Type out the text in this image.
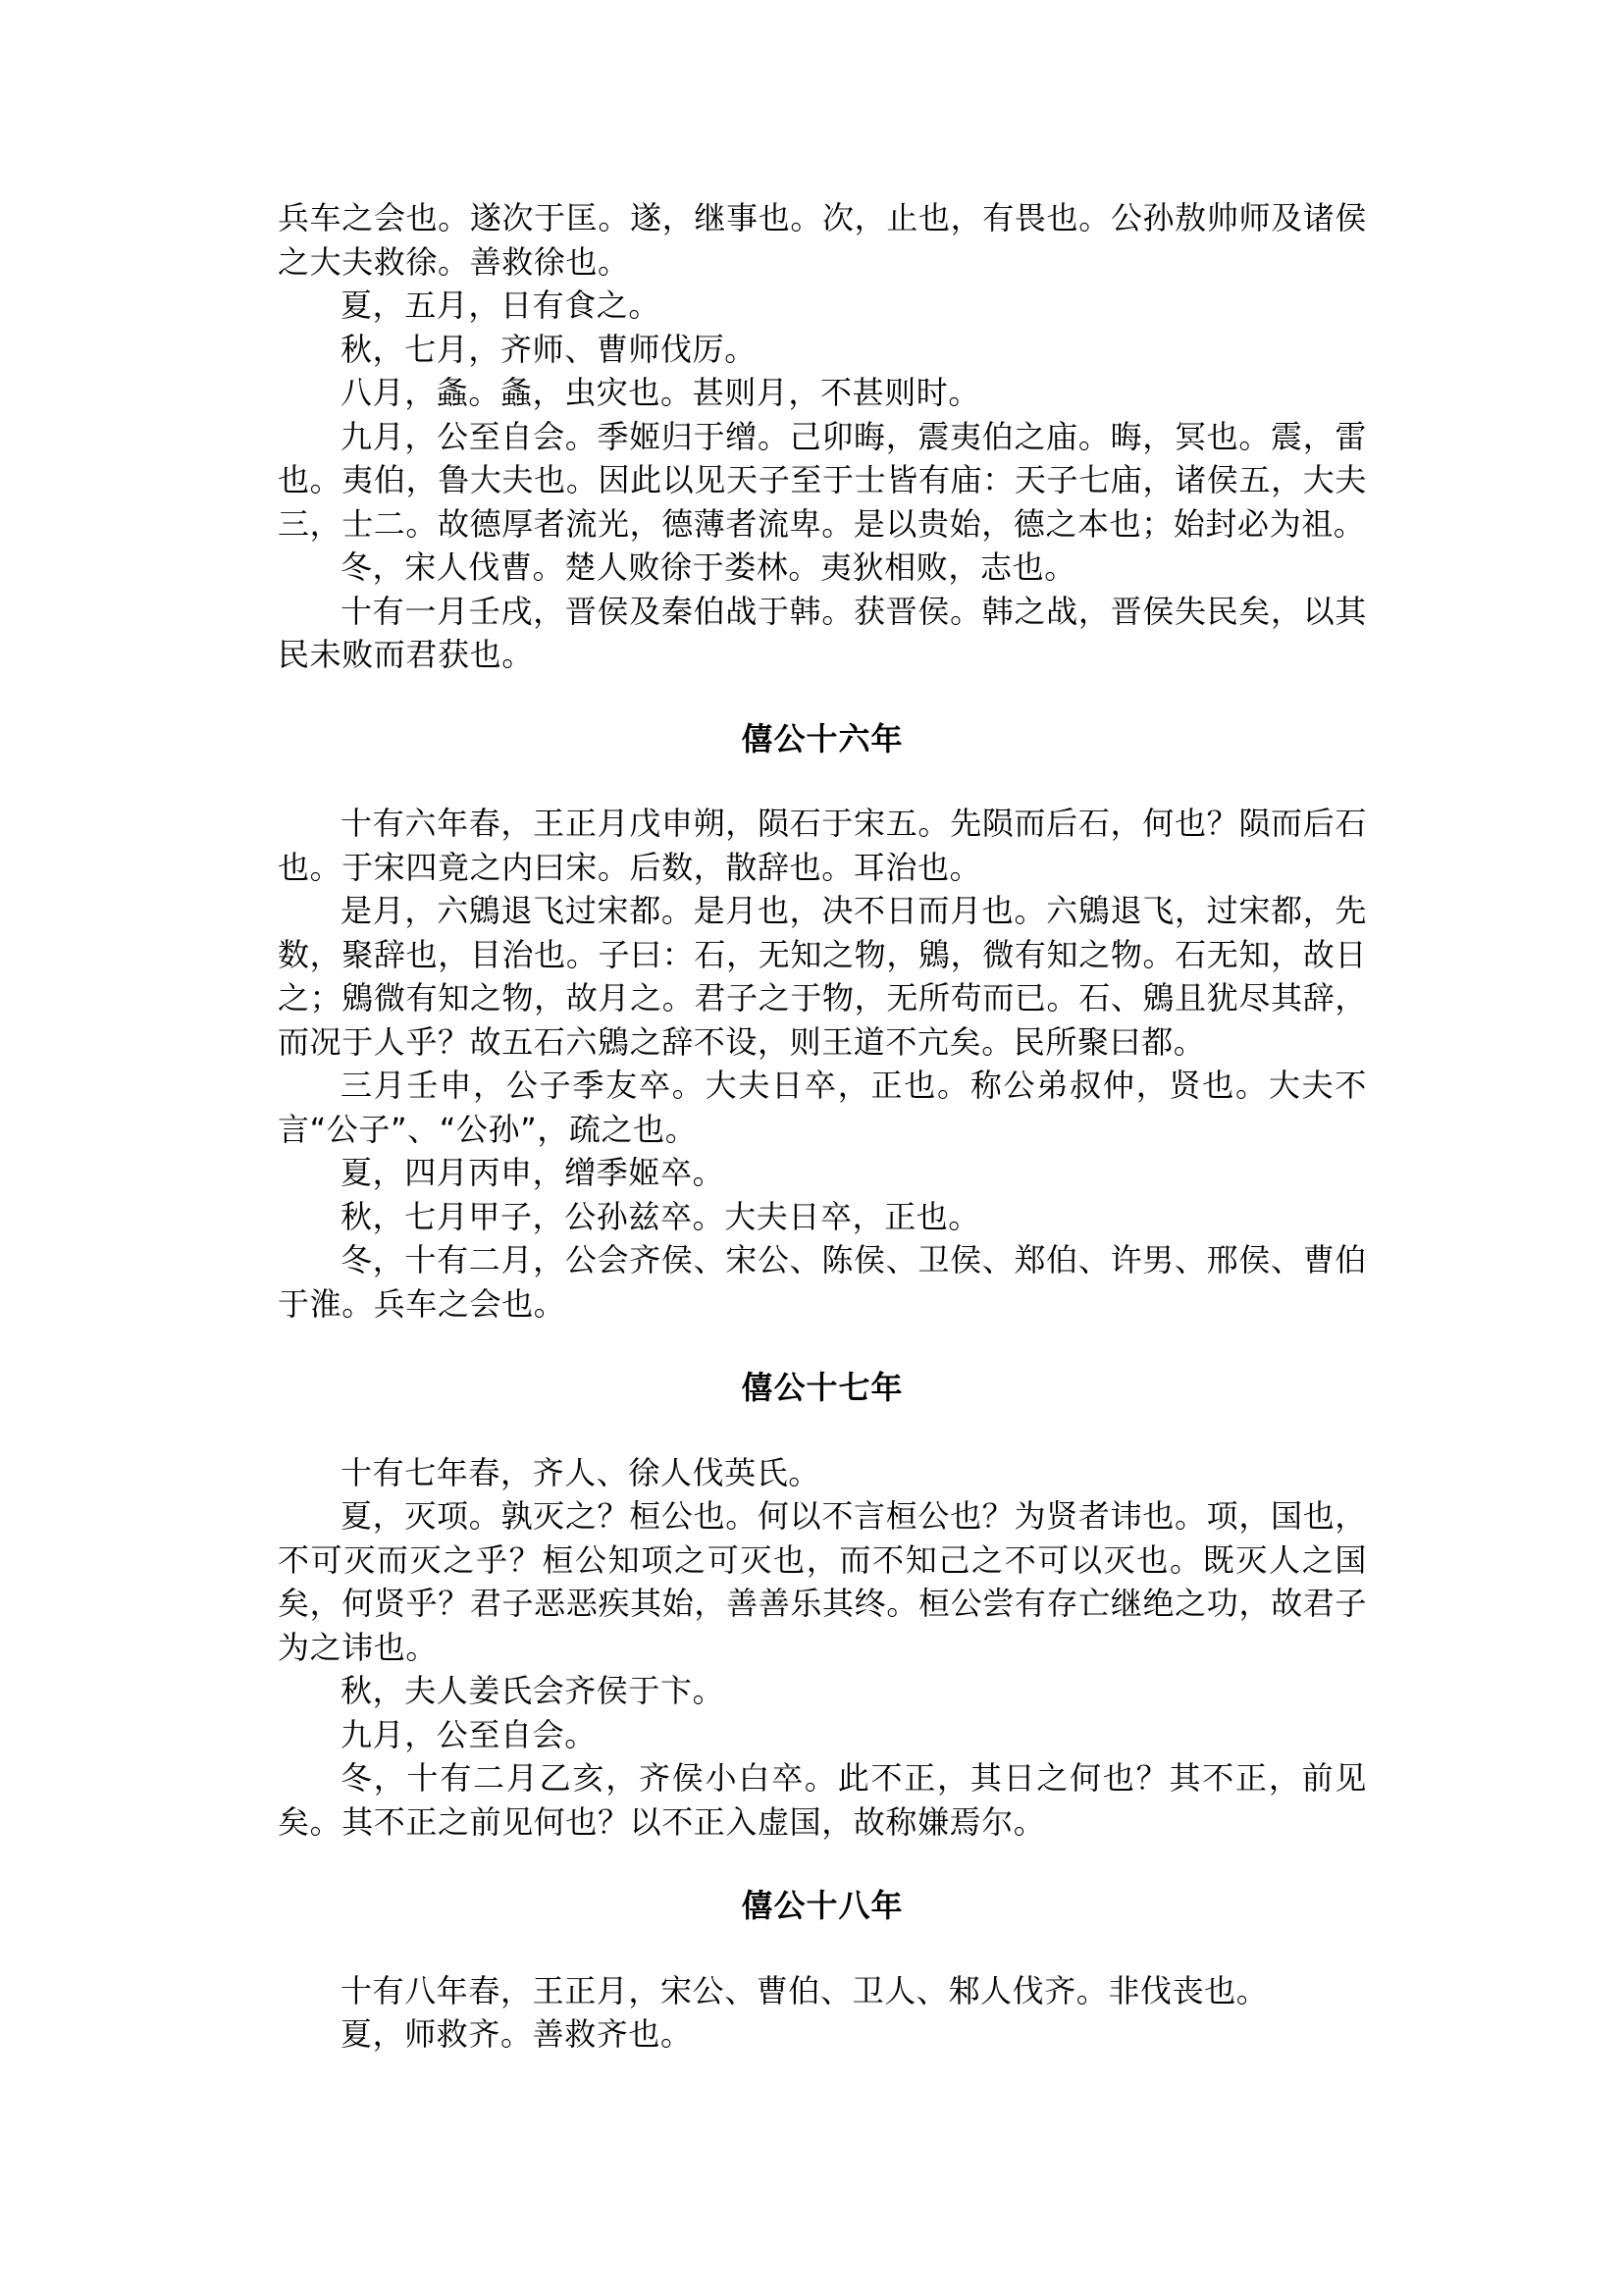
兵车之会也。遂次于匡。遂，继事也。次，止也，有畏也。公孙敖帅师及诸侯之大夫救徐。善救徐也。

夏，五月，日有食之。

秋，七月，齐师、曹师伐厉。

八月，螽。螽，虫灾也。甚则月，不甚则时。

九月，公至自会。季姬归于缯。己卯晦，震夷伯之庙。晦，冥也。震，雷也。夷伯，鲁大夫也。因此以见天子至于士皆有庙：天子七庙，诸侯五，大夫三，士二。故德厚者流光，德薄者流卑。是以贵始，德之本也；始封必为祖。

冬，宋人伐曹。楚人败徐于娄林。夷狄相败，志也。

十有一月壬戌，晋侯及秦伯战于韩。获晋侯。韩之战，晋侯失民矣，以其民未败而君获也。

僖公十六年

十有六年春，王正月戊申朔，陨石于宋五。先陨而后石，何也？陨而后石也。于宋四竟之内曰宋。后数，散辞也。耳治也。

是月，六鶂退飞过宋都。是月也，决不日而月也。六鶂退飞，过宋都，先数，聚辞也，目治也。子曰：石，无知之物，鶂，微有知之物。石无知，故日之；鶂微有知之物，故月之。君子之于物，无所苟而已。石、鶂且犹尽其辞，而况于人乎？故五石六鶂之辞不设，则王道不亢矣。民所聚曰都。

三月壬申，公子季友卒。大夫日卒，正也。称公弟叔仲，贤也。大夫不言“公子”、“公孙”，疏之也。

夏，四月丙申，缯季姬卒。

秋，七月甲子，公孙兹卒。大夫日卒，正也。

冬，十有二月，公会齐侯、宋公、陈侯、卫侯、郑伯、许男、邢侯、曹伯于淮。兵车之会也。

僖公十七年

十有七年春，齐人、徐人伐英氏。

夏，灭项。孰灭之？桓公也。何以不言桓公也？为贤者讳也。项，国也，不可灭而灭之乎？桓公知项之可灭也，而不知己之不可以灭也。既灭人之国矣，何贤乎？君子恶恶疾其始，善善乐其终。桓公尝有存亡继绝之功，故君子为之讳也。

秋，夫人姜氏会齐侯于卞。

九月，公至自会。

冬，十有二月乙亥，齐侯小白卒。此不正，其日之何也？其不正，前见矣。其不正之前见何也？以不正入虚国，故称嫌焉尔。

僖公十八年

十有八年春，王正月，宋公、曹伯、卫人、邾人伐齐。非伐丧也。

夏，师救齐。善救齐也。
